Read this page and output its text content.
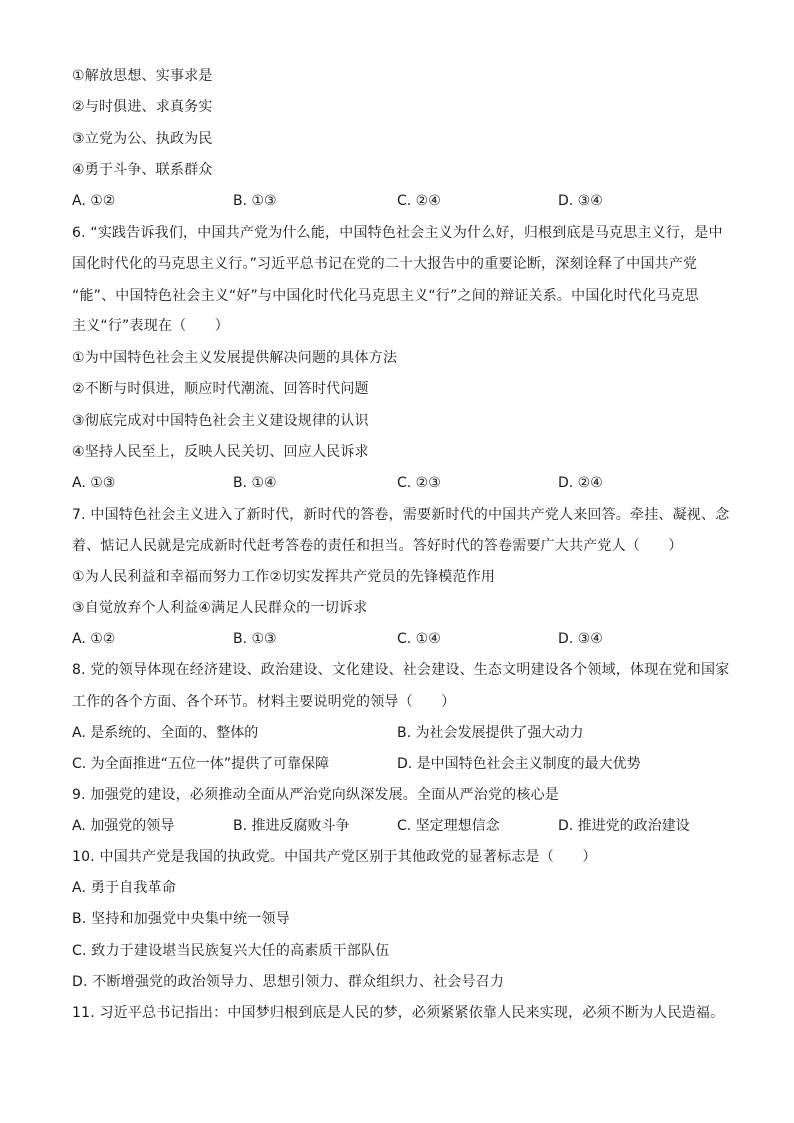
①解放思想、实事求是
②与时俱进、求真务实
③立党为公、执政为民
④勇于斗争、联系群众
A. ①②	B. ①③	C. ②④	D. ③④
6. “实践告诉我们，中国共产党为什么能，中国特色社会主义为什么好，归根到底是马克思主义行，是中
国化时代化的马克思主义行。”习近平总书记在党的二十大报告中的重要论断，深刻诠释了中国共产党
“能”、中国特色社会主义“好”与中国化时代化马克思主义“行”之间的辩证关系。中国化时代化马克思
主义“行”表现在（　　）
①为中国特色社会主义发展提供解决问题的具体方法
②不断与时俱进，顺应时代潮流、回答时代问题
③彻底完成对中国特色社会主义建设规律的认识
④坚持人民至上，反映人民关切、回应人民诉求
A. ①③	B. ①④	C. ②③	D. ②④
7. 中国特色社会主义进入了新时代，新时代的答卷，需要新时代的中国共产党人来回答。牵挂、凝视、念
着、惦记人民就是完成新时代赶考答卷的责任和担当。答好时代的答卷需要广大共产党人（　　）
①为人民利益和幸福而努力工作②切实发挥共产党员的先锋模范作用
③自觉放弃个人利益④满足人民群众的一切诉求
A. ①②	B. ①③	C. ①④	D. ③④
8. 党的领导体现在经济建设、政治建设、文化建设、社会建设、生态文明建设各个领域，体现在党和国家
工作的各个方面、各个环节。材料主要说明党的领导（　　）
A. 是系统的、全面的、整体的	B. 为社会发展提供了强大动力
C. 为全面推进“五位一体”提供了可靠保障	D. 是中国特色社会主义制度的最大优势
9. 加强党的建设，必须推动全面从严治党向纵深发展。全面从严治党的核心是
A. 加强党的领导	B. 推进反腐败斗争	C. 坚定理想信念	D. 推进党的政治建设
10. 中国共产党是我国的执政党。中国共产党区别于其他政党的显著标志是（　　）
A. 勇于自我革命
B. 坚持和加强党中央集中统一领导
C. 致力于建设堪当民族复兴大任的高素质干部队伍
D. 不断增强党的政治领导力、思想引领力、群众组织力、社会号召力
11. 习近平总书记指出：中国梦归根到底是人民的梦，必须紧紧依靠人民来实现，必须不断为人民造福。
